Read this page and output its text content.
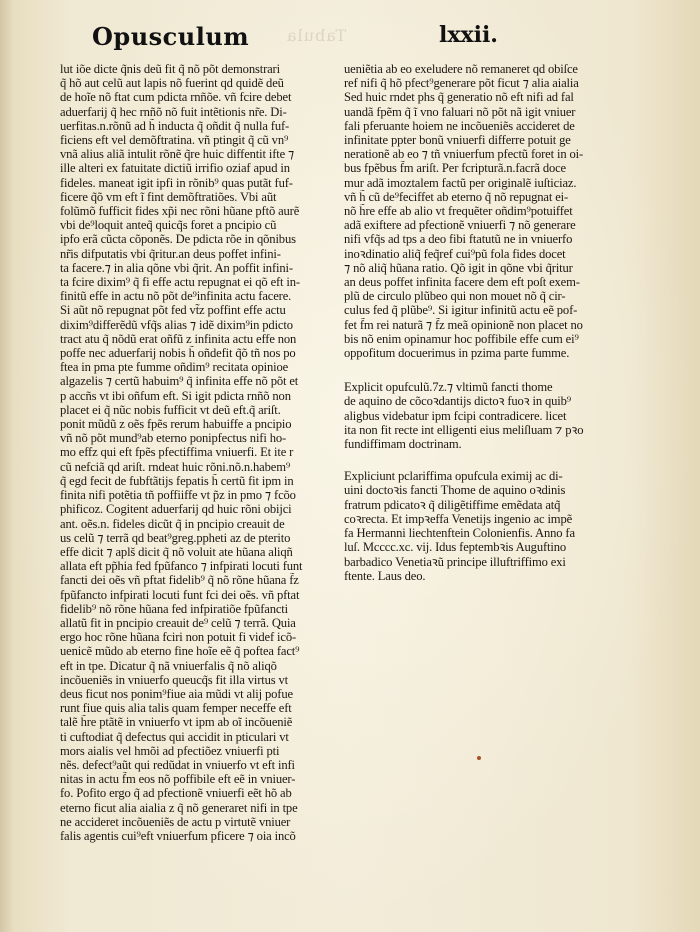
Opusculum Tabula	lxxii.
lut iõe dicte q̃nis deũ fit q̃ nõ põt demonstrari
q̃ hõ aut celũ aut lapis nõ fuerint qd quidẽ deũ
de hoĩe nõ ftat cum pdicta rnñõe. vñ fcire debet
aduerfarij q̃ hec rnñõ nõ fuit intẽtionis nr̃e. Di-
uerfitas.n.rõnũ ad h̃ inducta q̃ oñdit q̃ nulla fuf-
ficiens eft vel demõftratina. vñ ptingit q̃ cũ vn⁹
vnã alius aliã intulit rõnẽ q̃re huic diffentit ifte ⁊
ille alteri ex fatuitate dictiũ irrifio oziaf apud in
fideles. maneat igit ipfi in rõnib⁹ quas putãt fuf-
ficere q̃õ vm eft ĩ fint demõftratiões. Vbi aũt
folũmõ fufficit fides xp̃i nec rõni hũane pftõ aurẽ
vbi de⁹loquit anteq̃ quicq̃s foret a pncipio cũ
ipfo erã cũcta cõponẽs. De pdicta rõe in qõnibus
nr̃is difputatis vbi q̃ritur.an deus poffet infini-
ta facere.⁊ in alia qõne vbi q̃rit. An poffit infini-
ta fcire dixim⁹ q̃ fi effe actu repugnat ei qõ eft in-
finitũ effe in actu nõ põt de⁹infinita actu facere.
Si aũt nõ repugnat põt fed vt̃z poffint effe actu
dixim⁹differẽdũ vfq̃s alias ⁊ idẽ dixim⁹in pdicto
tract atu q̃ nõdũ erat oñfũ z infinita actu effe non
poffe nec aduerfarij nobis h̃ oñdefit q̃õ tñ nos po
ftea in pma pte fumme oñdim⁹ recitata opinioe
algazelis ⁊ certũ habuim⁹ q̃ infinita effe nõ põt et
p accñs vt ibi oñfum eft. Si igit pdicta rnñõ non
placet ei q̃ nũc nobis fufficit vt deũ eft.q̃ ariſt.
ponit mũdũ z oẽs fpẽs rerum habuiffe a pncipio
vñ nõ põt mund⁹ab eterno ponipfectus nifi ho-
mo effz qui eft fpẽs pfectiffima vniuerfi. Et ite r
cũ nefciã qd ariſt. rndeat huic rõni.nõ.n.habem⁹
q̃ egd fecit de fubftãtijs fepatis h̃ certũ fit ipm in
finita nifi potẽtia tñ poffiiffe vt p̃z in pmo ⁊ fcõo
phificoz. Cogitent aduerfarij qd huic rõni obijci
ant. oẽs.n. fideles dicũt q̃ in pncipio creauit de
us celũ ⁊ terrã qd beat⁹greg.ppheti az de pterito
effe dicit ⁊ aplš dicit q̃ nõ voluit ate hũana aliqñ
allata eft pp̃hia fed fpũfanco ⁊ infpirati locuti funt
fancti dei oẽs vñ pftat fidelib⁹ q̃ nõ rõne hũana f̃z
fpũfancto infpirati locuti funt fci dei oẽs. vñ pftat
fidelib⁹ nõ rõne hũana fed infpiratiõe fpũfancti
allatũ fit in pncipio creauit de⁹ celũ ⁊ terrã. Quia
ergo hoc rõne hũana fciri non potuit fi videf icõ-
uenicẽ mũdo ab eterno fine hoĩe eẽ q̃ poftea fact⁹
eft in tpe. Dicatur q̃ nã vniuerfalis q̃ nõ aliqõ
incõueniẽs in vniuerfo queucq̃s fit illa virtus vt
deus ficut nos ponim⁹fiue aia mũdi vt alij pofue
runt fiue quis alia talis quam femper neceffe eft
talẽ h̃re ptãtẽ in vniuerfo vt ipm ab oĩ incõueniẽ
ti cuftodiat q̃ defectus qui accidit in pticulari vt
mors aialis vel hmõi ad pfectiõez vniuerfi pti
nẽs. defect⁹aũt qui redũdat in vniuerfo vt eft infi
nitas in actu f̃m eos nõ poffibile eft eẽ in vniuer-
fo. Pofito ergo q̃ ad pfectionẽ vniuerfi eẽt hõ ab
eterno ficut alia aialia z q̃ nõ generaret nifi in tpe
ne accideret incõueniẽs de actu p virtutẽ vniuer
falis agentis cui⁹eft vniuerfum pficere ⁊ oia incõ
ueniẽtia ab eo exeludere nõ remaneret qd obiſce
ref nifi q̃ hõ pfect⁹generare põt ficut ⁊ alia aialia
Sed huic rndet phs q̃ generatio nõ eft nifi ad fal
uandã fpẽm q̃ ĩ vno faluari nõ põt nã igit vniuer
fali pferuante hoiem ne incõueniẽs accideret de
infinitate ppter bonũ vniuerfi differre potuit ge
nerationẽ ab eo ⁊ tñ vniuerfum pfectũ foret in oi-
bus fpẽbus f̃m ariſt. Per fcripturã.n.facrã doce
mur adã imoztalem factũ per originalẽ iuſticiaz.
vñ h̃ cũ de⁹feciffet ab eterno q̃ nõ repugnat ei-
nõ h̃re effe ab alio vt frequẽter oñdim⁹potuiffet
adã exiftere ad pfectionẽ vniuerfi ⁊ nõ generare
nifi vfq̃s ad tps a deo fibi ftatutũ ne in vniuerfo
inoꝛdinatio aliq̃ feq̃ref cui⁹pũ fola fides docet
⁊ nõ aliq̃ hũana ratio. Qõ igit in qõne vbi q̃ritur
an deus poffet infinita facere dem eft poſt exem-
plũ de circulo plũbeo qui non mouet nõ q̃ cir-
culus fed q̃ plũbe⁹. Si igitur infinitũ actu eẽ pof-
fet f̃m rei naturã ⁊ f̃z meã opinionẽ non placet no
bis nõ enim opinamur hoc poffibile effe cum ei⁹
oppofitum docuerimus in pzima parte fumme.
Explicit opufculũ.7z.⁊ vltimũ fancti thome
de aquino de cõcoꝛdantijs dictoꝛ fuoꝛ in quib⁹
aligbus videbatur ipm fcipi contradicere. licet
ita non fit recte int elligenti eius meliſluam ⁊ pꝛo
fundiffimam doctrinam.
Expliciunt pclariffima opufcula eximij ac di-
uini doctoꝛis fancti Thome de aquino oꝛdinis
fratrum pdicatoꝛ q̃ diligẽtiffime emẽdata atq̃
coꝛrecta. Et impꝛeffa Venetijs ingenio ac impẽ
fa Hermanni liechtenftein Colonienfis. Anno fa
luſ. Mcccc.xc. vij. Idus feptembꝛis Auguftino
barbadico Venetiaꝛũ principe illuftriffimo exi
ftente. Laus deo.
